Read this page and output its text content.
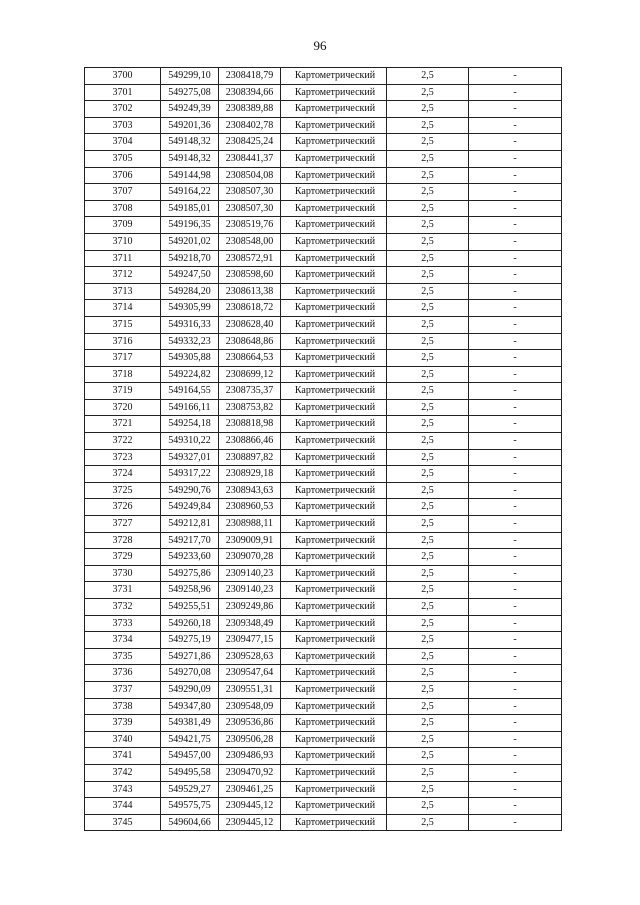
96
3700	549299,10	2308418,79	Картометрический	2,5	-
3701	549275,08	2308394,66	Картометрический	2,5	-
3702	549249,39	2308389,88	Картометрический	2,5	-
3703	549201,36	2308402,78	Картометрический	2,5	-
3704	549148,32	2308425,24	Картометрический	2,5	-
3705	549148,32	2308441,37	Картометрический	2,5	-
3706	549144,98	2308504,08	Картометрический	2,5	-
3707	549164,22	2308507,30	Картометрический	2,5	-
3708	549185,01	2308507,30	Картометрический	2,5	-
3709	549196,35	2308519,76	Картометрический	2,5	-
3710	549201,02	2308548,00	Картометрический	2,5	-
3711	549218,70	2308572,91	Картометрический	2,5	-
3712	549247,50	2308598,60	Картометрический	2,5	-
3713	549284,20	2308613,38	Картометрический	2,5	-
3714	549305,99	2308618,72	Картометрический	2,5	-
3715	549316,33	2308628,40	Картометрический	2,5	-
3716	549332,23	2308648,86	Картометрический	2,5	-
3717	549305,88	2308664,53	Картометрический	2,5	-
3718	549224,82	2308699,12	Картометрический	2,5	-
3719	549164,55	2308735,37	Картометрический	2,5	-
3720	549166,11	2308753,82	Картометрический	2,5	-
3721	549254,18	2308818,98	Картометрический	2,5	-
3722	549310,22	2308866,46	Картометрический	2,5	-
3723	549327,01	2308897,82	Картометрический	2,5	-
3724	549317,22	2308929,18	Картометрический	2,5	-
3725	549290,76	2308943,63	Картометрический	2,5	-
3726	549249,84	2308960,53	Картометрический	2,5	-
3727	549212,81	2308988,11	Картометрический	2,5	-
3728	549217,70	2309009,91	Картометрический	2,5	-
3729	549233,60	2309070,28	Картометрический	2,5	-
3730	549275,86	2309140,23	Картометрический	2,5	-
3731	549258,96	2309140,23	Картометрический	2,5	-
3732	549255,51	2309249,86	Картометрический	2,5	-
3733	549260,18	2309348,49	Картометрический	2,5	-
3734	549275,19	2309477,15	Картометрический	2,5	-
3735	549271,86	2309528,63	Картометрический	2,5	-
3736	549270,08	2309547,64	Картометрический	2,5	-
3737	549290,09	2309551,31	Картометрический	2,5	-
3738	549347,80	2309548,09	Картометрический	2,5	-
3739	549381,49	2309536,86	Картометрический	2,5	-
3740	549421,75	2309506,28	Картометрический	2,5	-
3741	549457,00	2309486,93	Картометрический	2,5	-
3742	549495,58	2309470,92	Картометрический	2,5	-
3743	549529,27	2309461,25	Картометрический	2,5	-
3744	549575,75	2309445,12	Картометрический	2,5	-
3745	549604,66	2309445,12	Картометрический	2,5	-
